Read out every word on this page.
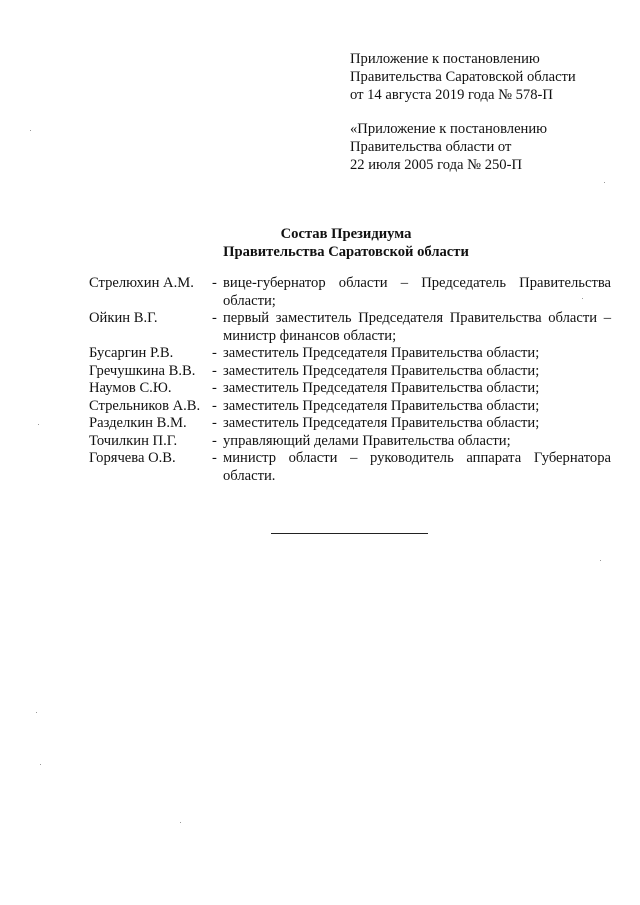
Приложение к постановлению
Правительства Саратовской области
от 14 августа 2019 года № 578-П
«Приложение к постановлению
Правительства области от
22 июля 2005 года № 250-П
Состав Президиума
Правительства Саратовской области
Стрелюхин А.М.	- вице-губернатор области – Председатель Правительства области;
Ойкин В.Г.	- первый заместитель Председателя Правительства области – министр финансов области;
Бусаргин Р.В.	- заместитель Председателя Правительства области;
Гречушкина В.В.	- заместитель Председателя Правительства области;
Наумов С.Ю.	- заместитель Председателя Правительства области;
Стрельников А.В. - заместитель Председателя Правительства области;
Разделкин В.М.	- заместитель Председателя Правительства области;
Точилкин П.Г.	- управляющий делами Правительства области;
Горячева О.В.	- министр области – руководитель аппарата Губернатора области.
